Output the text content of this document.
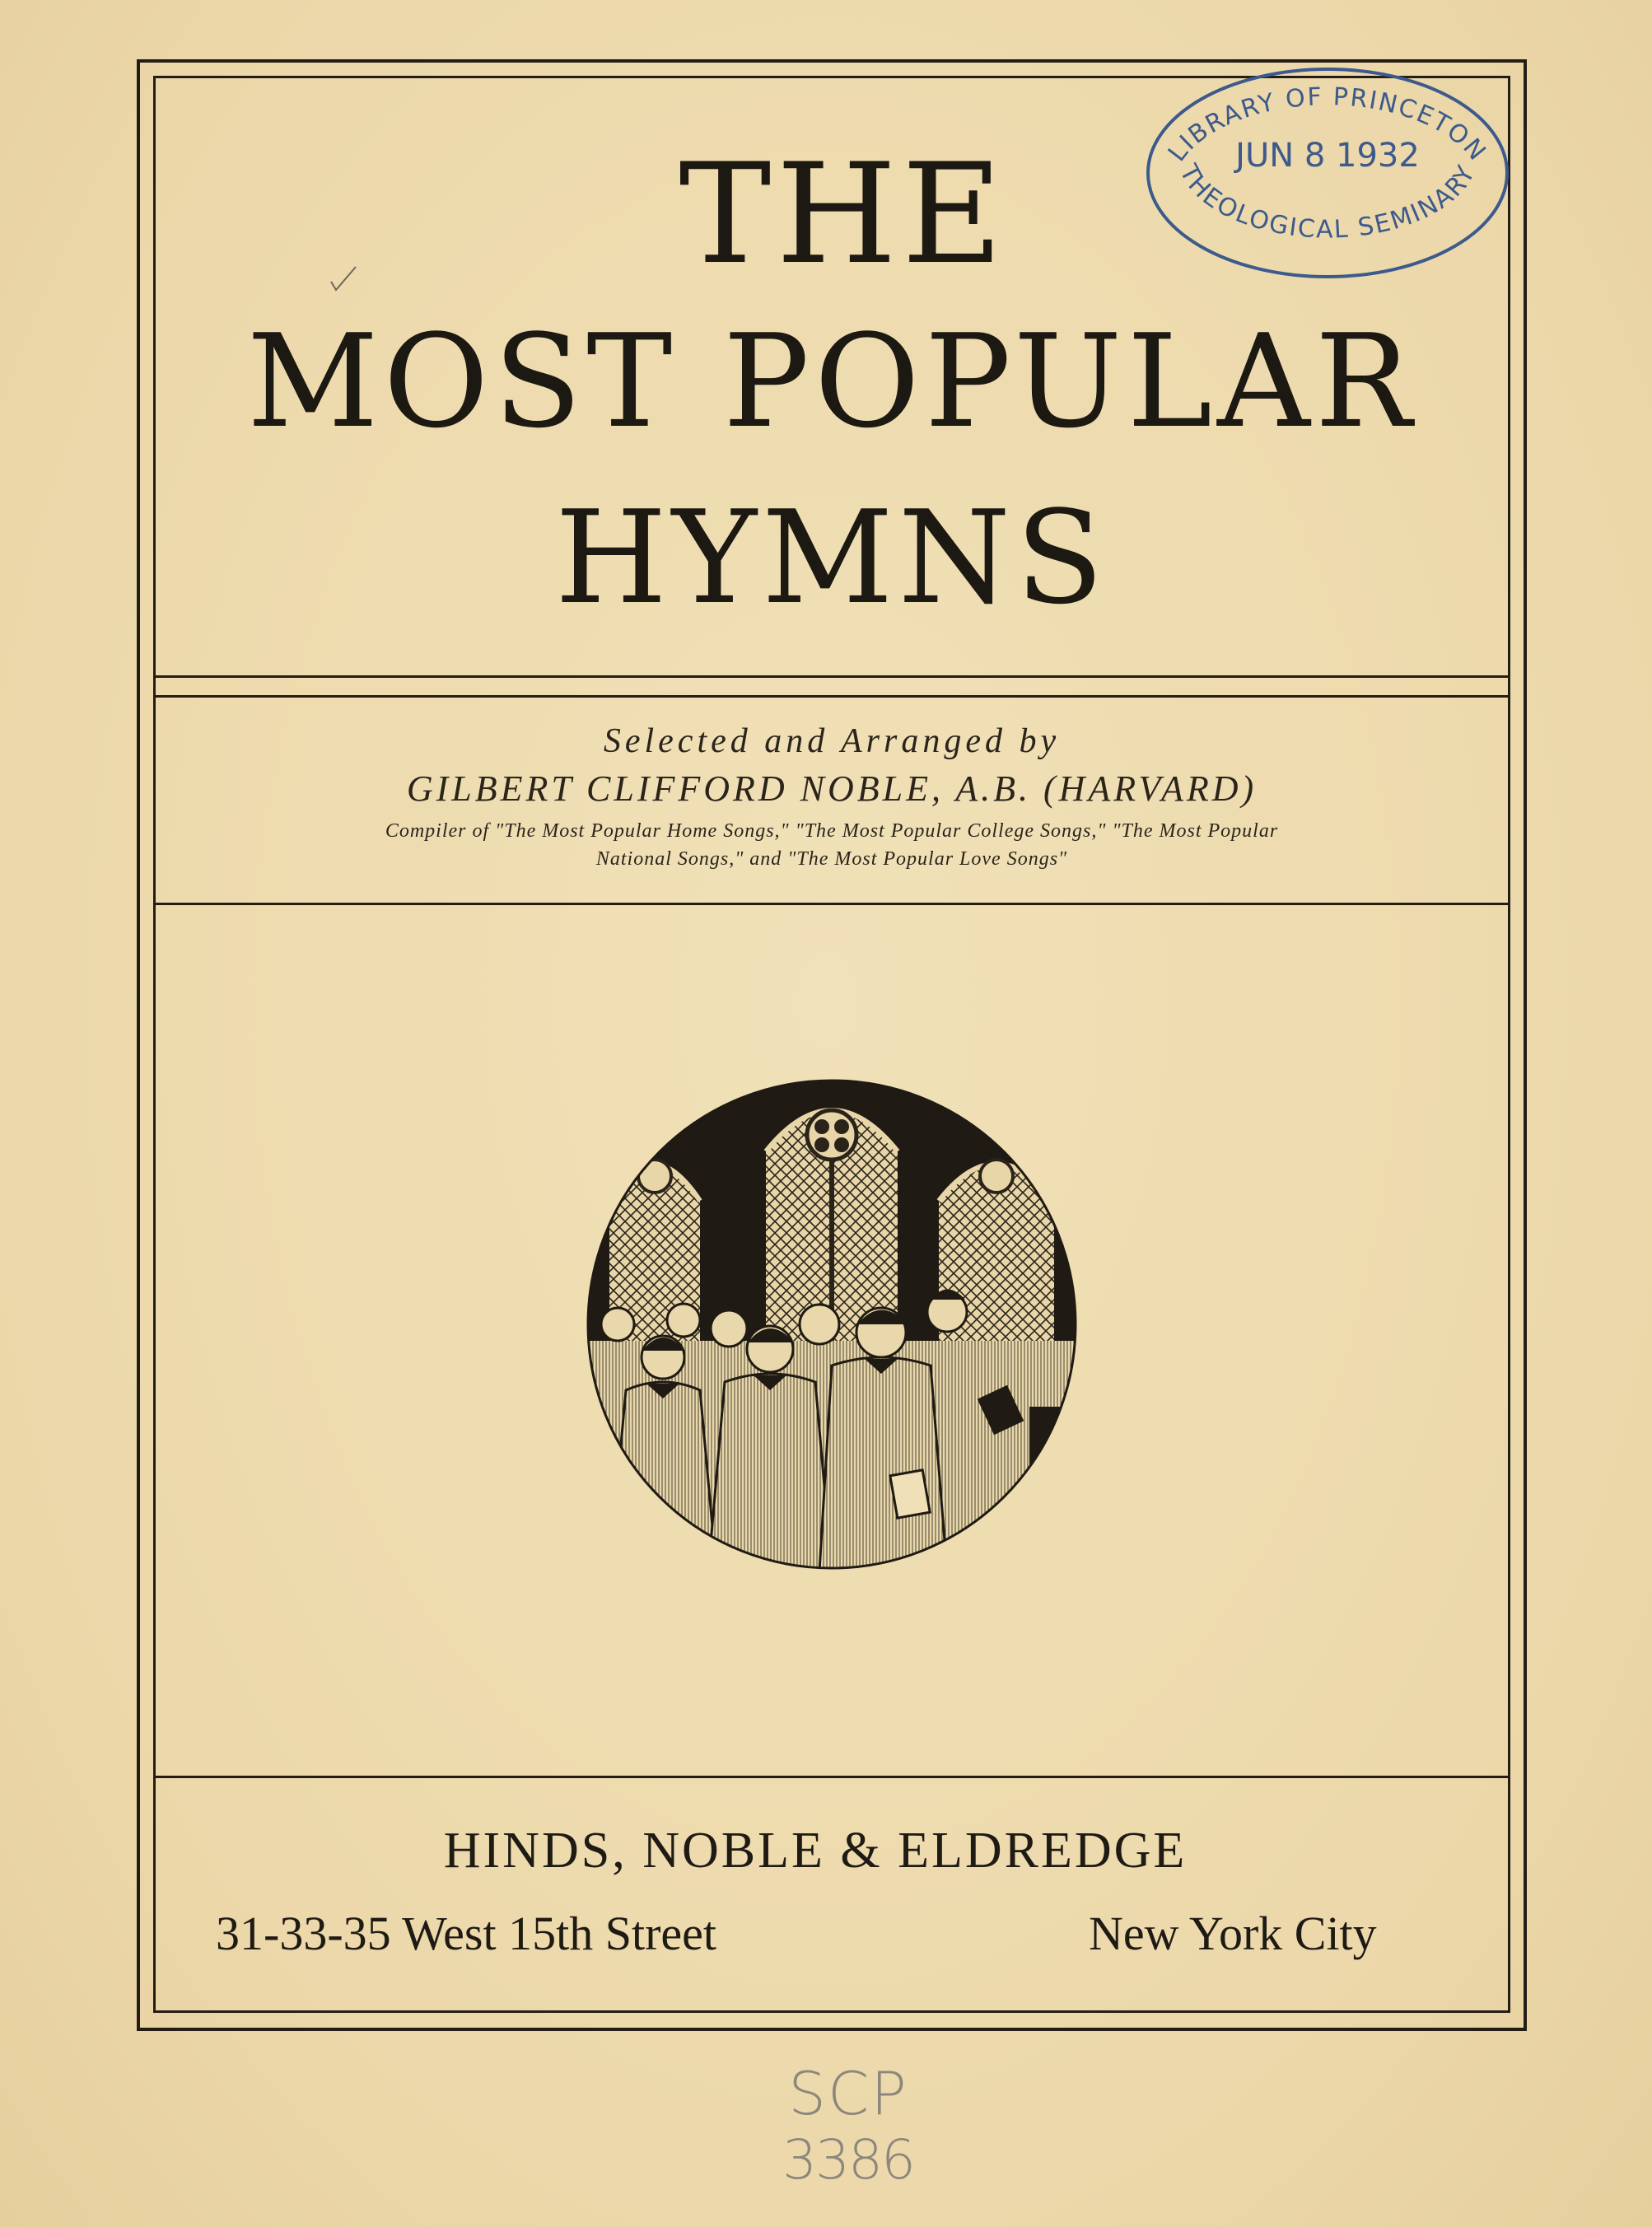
THE
MOST POPULAR
HYMNS
Selected and Arranged by
GILBERT CLIFFORD NOBLE, A.B. (HARVARD)
Compiler of "The Most Popular Home Songs," "The Most Popular College Songs," "The Most Popular
National Songs," and "The Most Popular Love Songs"
HINDS, NOBLE & ELDREDGE
31-33-35 West 15th Street	New York City
LIBRARY OF PRINCETON
JUN 8 1932
THEOLOGICAL SEMINARY
SCP
3386
